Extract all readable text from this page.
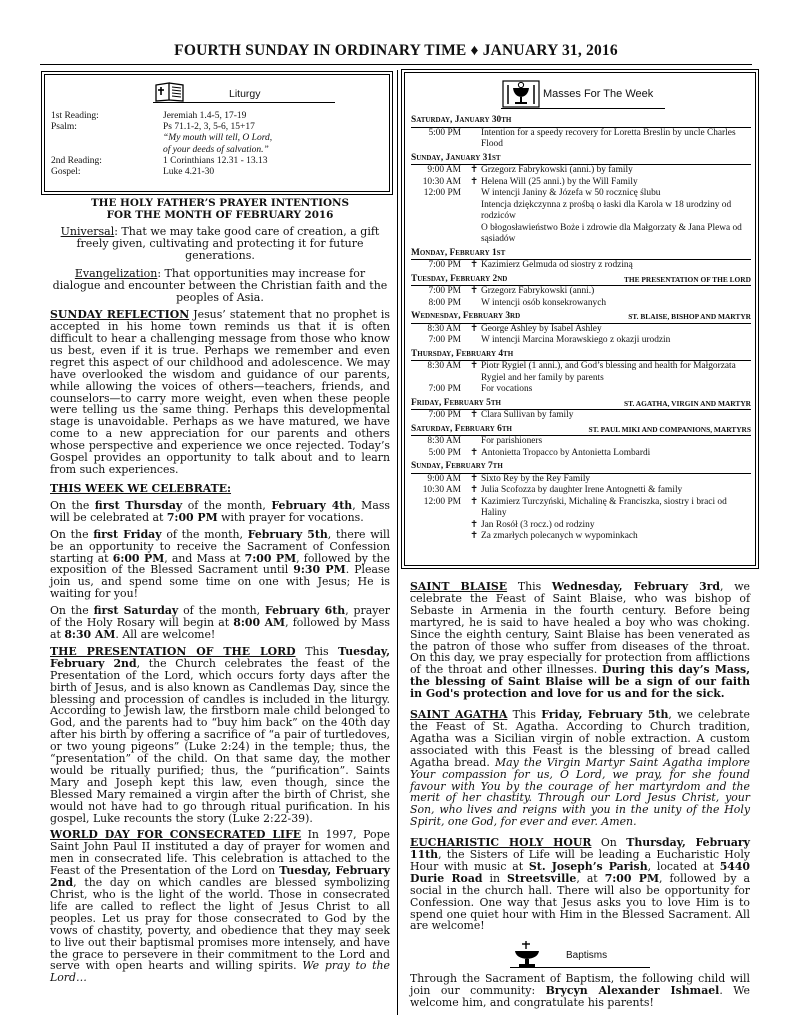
FOURTH SUNDAY IN ORDINARY TIME ♦ JANUARY 31, 2016
Liturgy
1st Reading:	Jeremiah 1.4-5, 17-19
Psalm:	Ps 71.1-2, 3, 5-6, 15+17
“My mouth will tell, O Lord,
of your deeds of salvation.”
2nd Reading:	1 Corinthians 12.31 - 13.13
Gospel:	Luke 4.21-30
THE HOLY FATHER’S PRAYER INTENTIONS
FOR THE MONTH OF FEBRUARY 2016
Universal: That we may take good care of creation, a gift freely given, cultivating and protecting it for future generations.
Evangelization: That opportunities may increase for dialogue and encounter between the Christian faith and the peoples of Asia.
SUNDAY REFLECTION Jesus’ statement that no prophet is accepted in his home town reminds us that it is often difficult to hear a challenging message from those who know us best, even if it is true. Perhaps we remember and even regret this aspect of our childhood and adolescence. We may have overlooked the wisdom and guidance of our parents, while allowing the voices of others—teachers, friends, and counselors—to carry more weight, even when these people were telling us the same thing. Perhaps this developmental stage is unavoidable. Perhaps as we have matured, we have come to a new appreciation for our parents and others whose perspective and experience we once rejected. Today’s Gospel provides an opportunity to talk about and to learn from such experiences.
THIS WEEK WE CELEBRATE:
On the first Thursday of the month, February 4th, Mass will be celebrated at 7:00 PM with prayer for vocations.
On the first Friday of the month, February 5th, there will be an opportunity to receive the Sacrament of Confession starting at 6:00 PM, and Mass at 7:00 PM, followed by the exposition of the Blessed Sacrament until 9:30 PM. Please join us, and spend some time on one with Jesus; He is waiting for you!
On the first Saturday of the month, February 6th, prayer of the Holy Rosary will begin at 8:00 AM, followed by Mass at 8:30 AM. All are welcome!
THE PRESENTATION OF THE LORD This Tuesday, February 2nd, the Church celebrates the feast of the Presentation of the Lord, which occurs forty days after the birth of Jesus, and is also known as Candlemas Day, since the blessing and procession of candles is included in the liturgy. According to Jewish law, the firstborn male child belonged to God, and the parents had to “buy him back” on the 40th day after his birth by offering a sacrifice of “a pair of turtledoves, or two young pigeons” (Luke 2:24) in the temple; thus, the “presentation” of the child. On that same day, the mother would be ritually purified; thus, the “purification”. Saints Mary and Joseph kept this law, even though, since the Blessed Mary remained a virgin after the birth of Christ, she would not have had to go through ritual purification. In his gospel, Luke recounts the story (Luke 2:22-39).
WORLD DAY FOR CONSECRATED LIFE In 1997, Pope Saint John Paul II instituted a day of prayer for women and men in consecrated life. This celebration is attached to the Feast of the Presentation of the Lord on Tuesday, February 2nd, the day on which candles are blessed symbolizing Christ, who is the light of the world. Those in consecrated life are called to reflect the light of Jesus Christ to all peoples. Let us pray for those consecrated to God by the vows of chastity, poverty, and obedience that they may seek to live out their baptismal promises more intensely, and have the grace to persevere in their commitment to the Lord and serve with open hearts and willing spirits. We pray to the Lord…
Masses For The Week
Saturday, January 30th
5:00 PM	Intention for a speedy recovery for Loretta Breslin by uncle Charles Flood
Sunday, January 31st
9:00 AM ✝ Grzegorz Fabrykowski (anni.) by family
10:30 AM ✝ Helena Will (25 anni.) by the Will Family
12:00 PM	W intencji Janiny & Józefa w 50 rocznicę ślubu
Intencja dziękczynna z prośbą o łaski dla Karola w 18 urodziny od rodziców
O błogosławieństwo Boże i zdrowie dla Małgorzaty & Jana Plewa od sąsiadów
Monday, February 1st
7:00 PM ✝ Kazimierz Gelmuda od siostry z rodziną
Tuesday, February 2nd	THE PRESENTATION OF THE LORD
7:00 PM ✝ Grzegorz Fabrykowski (anni.)
8:00 PM	W intencji osób konsekrowanych
Wednesday, February 3rd	ST. BLAISE, BISHOP AND MARTYR
8:30 AM ✝ George Ashley by Isabel Ashley
7:00 PM	W intencji Marcina Morawskiego z okazji urodzin
Thursday, February 4th
8:30 AM ✝ Piotr Rygiel (1 anni.), and God’s blessing and health for Małgorzata Rygiel and her family by parents
7:00 PM	For vocations
Friday, February 5th	ST. AGATHA, VIRGIN AND MARTYR
7:00 PM ✝ Clara Sullivan by family
Saturday, February 6th	ST. PAUL MIKI AND COMPANIONS, MARTYRS
8:30 AM	For parishioners
5:00 PM ✝ Antonietta Tropacco by Antonietta Lombardi
Sunday, February 7th
9:00 AM ✝ Sixto Rey by the Rey Family
10:30 AM ✝ Julia Scofozza by daughter Irene Antognetti & family
12:00 PM ✝ Kazimierz Turczyński, Michalinę & Franciszka, siostry i braci od Haliny
✝ Jan Rosół (3 rocz.) od rodziny
✝ Za zmarłych polecanych w wypominkach
SAINT BLAISE This Wednesday, February 3rd, we celebrate the Feast of Saint Blaise, who was bishop of Sebaste in Armenia in the fourth century. Before being martyred, he is said to have healed a boy who was choking. Since the eighth century, Saint Blaise has been venerated as the patron of those who suffer from diseases of the throat. On this day, we pray especially for protection from afflictions of the throat and other illnesses. During this day’s Mass, the blessing of Saint Blaise will be a sign of our faith in God's protection and love for us and for the sick.
SAINT AGATHA This Friday, February 5th, we celebrate the Feast of St. Agatha. According to Church tradition, Agatha was a Sicilian virgin of noble extraction. A custom associated with this Feast is the blessing of bread called Agatha bread. May the Virgin Martyr Saint Agatha implore Your compassion for us, O Lord, we pray, for she found favour with You by the courage of her martyrdom and the merit of her chastity. Through our Lord Jesus Christ, your Son, who lives and reigns with you in the unity of the Holy Spirit, one God, for ever and ever. Amen.
EUCHARISTIC HOLY HOUR On Thursday, February 11th, the Sisters of Life will be leading a Eucharistic Holy Hour with music at St. Joseph’s Parish, located at 5440 Durie Road in Streetsville, at 7:00 PM, followed by a social in the church hall. There will also be opportunity for Confession. One way that Jesus asks you to love Him is to spend one quiet hour with Him in the Blessed Sacrament. All are welcome!
Baptisms
Through the Sacrament of Baptism, the following child will join our community: Brycyn Alexander Ishmael. We welcome him, and congratulate his parents!
